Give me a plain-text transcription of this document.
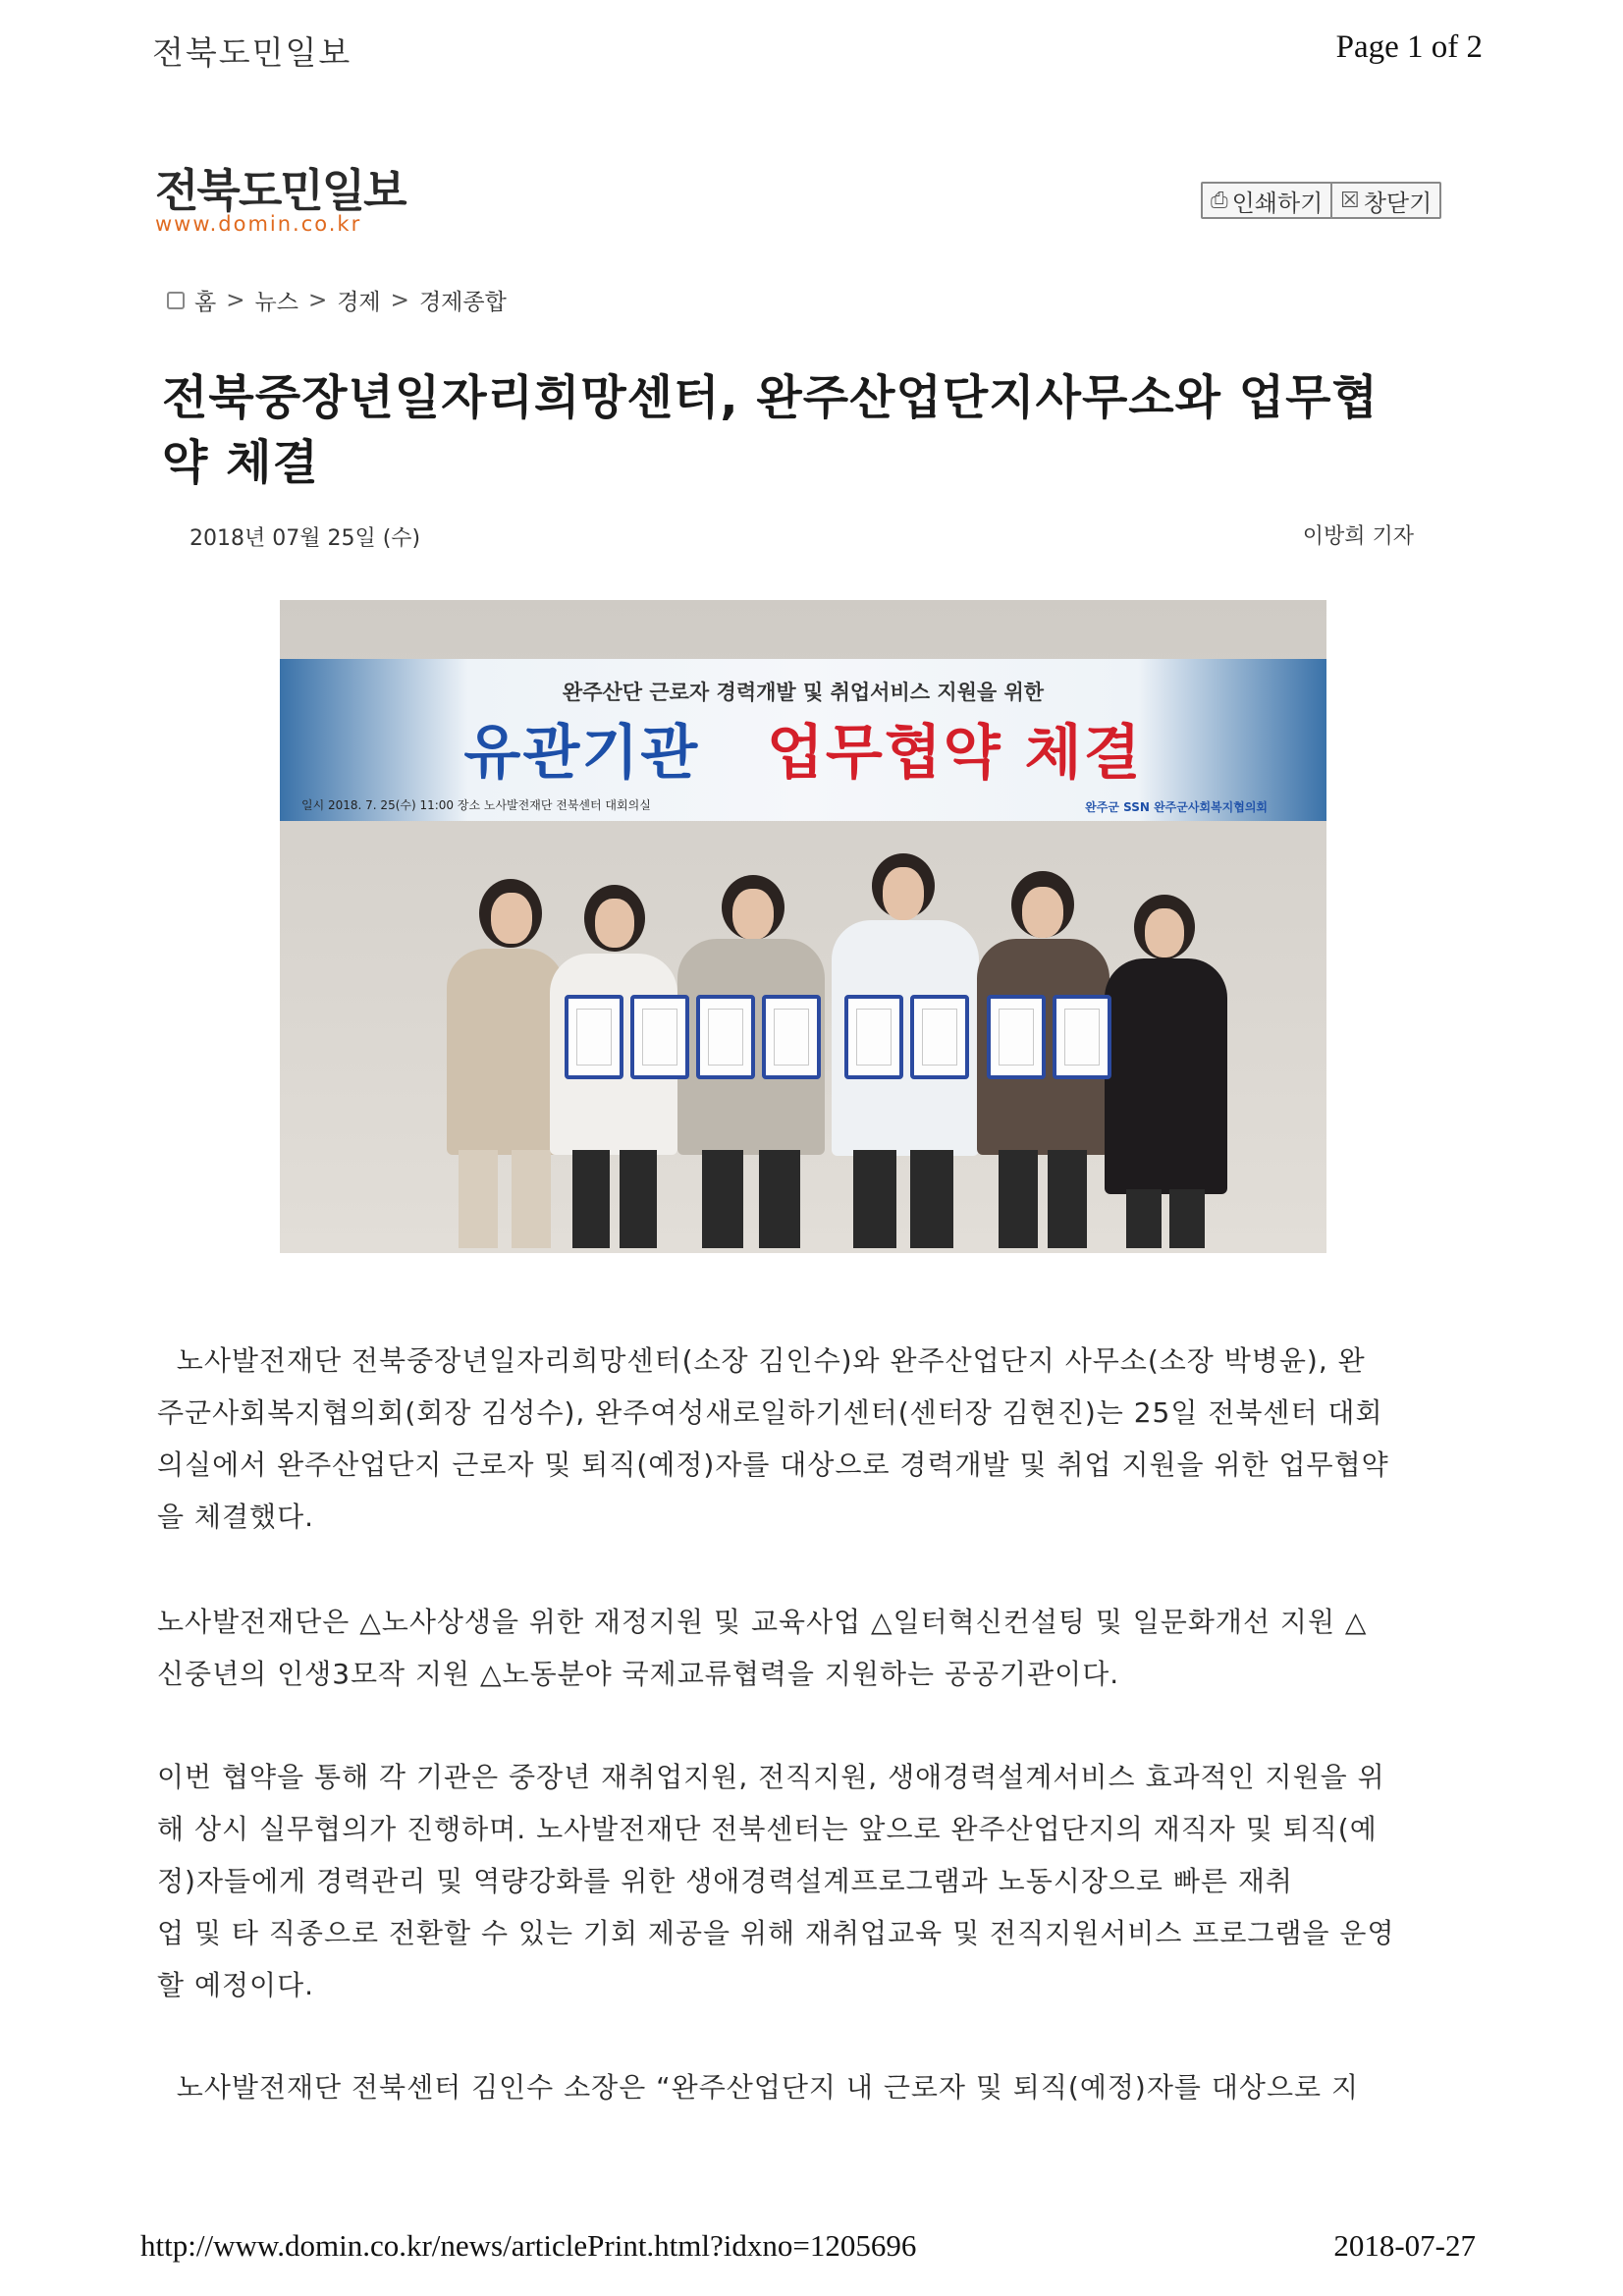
전북도민일보	Page 1 of 2
전북도민일보
www.domin.co.kr
⎙ 인쇄하기 ☒ 창닫기
홈 > 뉴스 > 경제 > 경제종합
전북중장년일자리희망센터, 완주산업단지사무소와 업무협
약 체결
2018년 07월 25일 (수)	이방희 기자
완주산단 근로자 경력개발 및 취업서비스 지원을 위한
유관기관 업무협약 체결
일시 2018. 7. 25(수) 11:00 장소 노사발전재단 전북센터 대회의실	완주군 SSN 완주군사회복지협의회
노사발전재단 전북중장년일자리희망센터(소장 김인수)와 완주산업단지 사무소(소장 박병윤), 완
주군사회복지협의회(회장 김성수), 완주여성새로일하기센터(센터장 김현진)는 25일 전북센터 대회
의실에서 완주산업단지 근로자 및 퇴직(예정)자를 대상으로 경력개발 및 취업 지원을 위한 업무협약
을 체결했다.
노사발전재단은 △노사상생을 위한 재정지원 및 교육사업 △일터혁신컨설팅 및 일문화개선 지원 △
신중년의 인생3모작 지원 △노동분야 국제교류협력을 지원하는 공공기관이다.
이번 협약을 통해 각 기관은 중장년 재취업지원, 전직지원, 생애경력설계서비스 효과적인 지원을 위
해 상시 실무협의가 진행하며. 노사발전재단 전북센터는 앞으로 완주산업단지의 재직자 및 퇴직(예
정)자들에게 경력관리 및 역량강화를 위한 생애경력설계프로그램과 노동시장으로 빠른 재취
업 및 타 직종으로 전환할 수 있는 기회 제공을 위해 재취업교육 및 전직지원서비스 프로그램을 운영
할 예정이다.
노사발전재단 전북센터 김인수 소장은 “완주산업단지 내 근로자 및 퇴직(예정)자를 대상으로 지
http://www.domin.co.kr/news/articlePrint.html?idxno=1205696	2018-07-27
